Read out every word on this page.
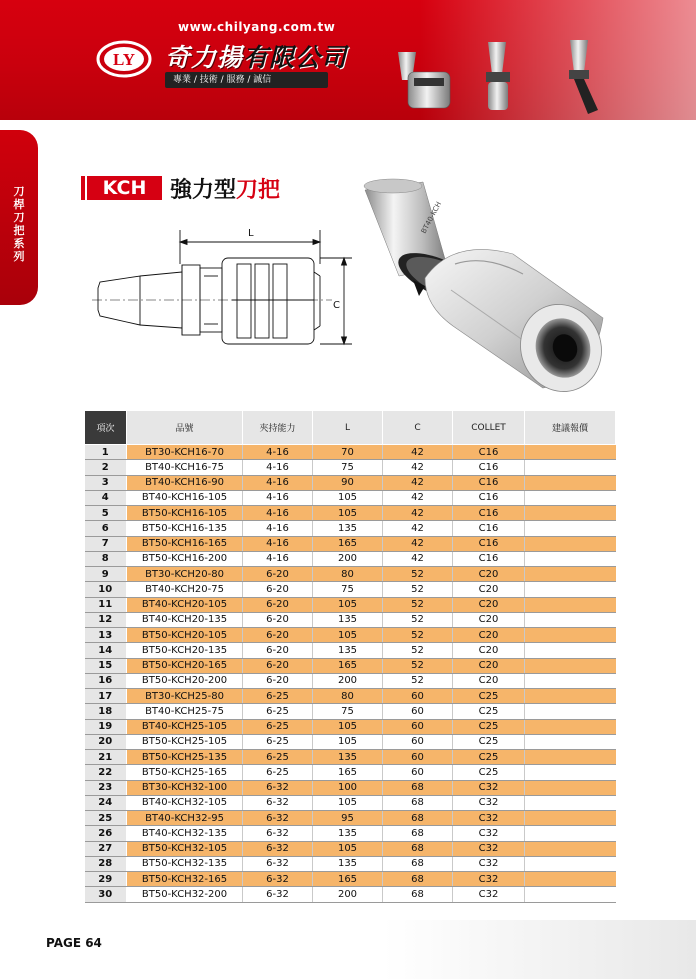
www.chilyang.com.tw
LY 奇力揚有限公司
專業 / 技術 / 服務 / 誠信
刀桿刀把系列
KCH	強力型刀把
L
C
BT40-KCH
項次	品號	夾持能力	L	C	COLLET	建議報價
1	BT30-KCH16-70	4-16	70	42	C16	
2	BT40-KCH16-75	4-16	75	42	C16	
3	BT40-KCH16-90	4-16	90	42	C16	
4	BT40-KCH16-105	4-16	105	42	C16	
5	BT50-KCH16-105	4-16	105	42	C16	
6	BT50-KCH16-135	4-16	135	42	C16	
7	BT50-KCH16-165	4-16	165	42	C16	
8	BT50-KCH16-200	4-16	200	42	C16	
9	BT30-KCH20-80	6-20	80	52	C20	
10	BT40-KCH20-75	6-20	75	52	C20	
11	BT40-KCH20-105	6-20	105	52	C20	
12	BT40-KCH20-135	6-20	135	52	C20	
13	BT50-KCH20-105	6-20	105	52	C20	
14	BT50-KCH20-135	6-20	135	52	C20	
15	BT50-KCH20-165	6-20	165	52	C20	
16	BT50-KCH20-200	6-20	200	52	C20	
17	BT30-KCH25-80	6-25	80	60	C25	
18	BT40-KCH25-75	6-25	75	60	C25	
19	BT40-KCH25-105	6-25	105	60	C25	
20	BT50-KCH25-105	6-25	105	60	C25	
21	BT50-KCH25-135	6-25	135	60	C25	
22	BT50-KCH25-165	6-25	165	60	C25	
23	BT30-KCH32-100	6-32	100	68	C32	
24	BT40-KCH32-105	6-32	105	68	C32	
25	BT40-KCH32-95	6-32	95	68	C32	
26	BT40-KCH32-135	6-32	135	68	C32	
27	BT50-KCH32-105	6-32	105	68	C32	
28	BT50-KCH32-135	6-32	135	68	C32	
29	BT50-KCH32-165	6-32	165	68	C32	
30	BT50-KCH32-200	6-32	200	68	C32	
PAGE 64
